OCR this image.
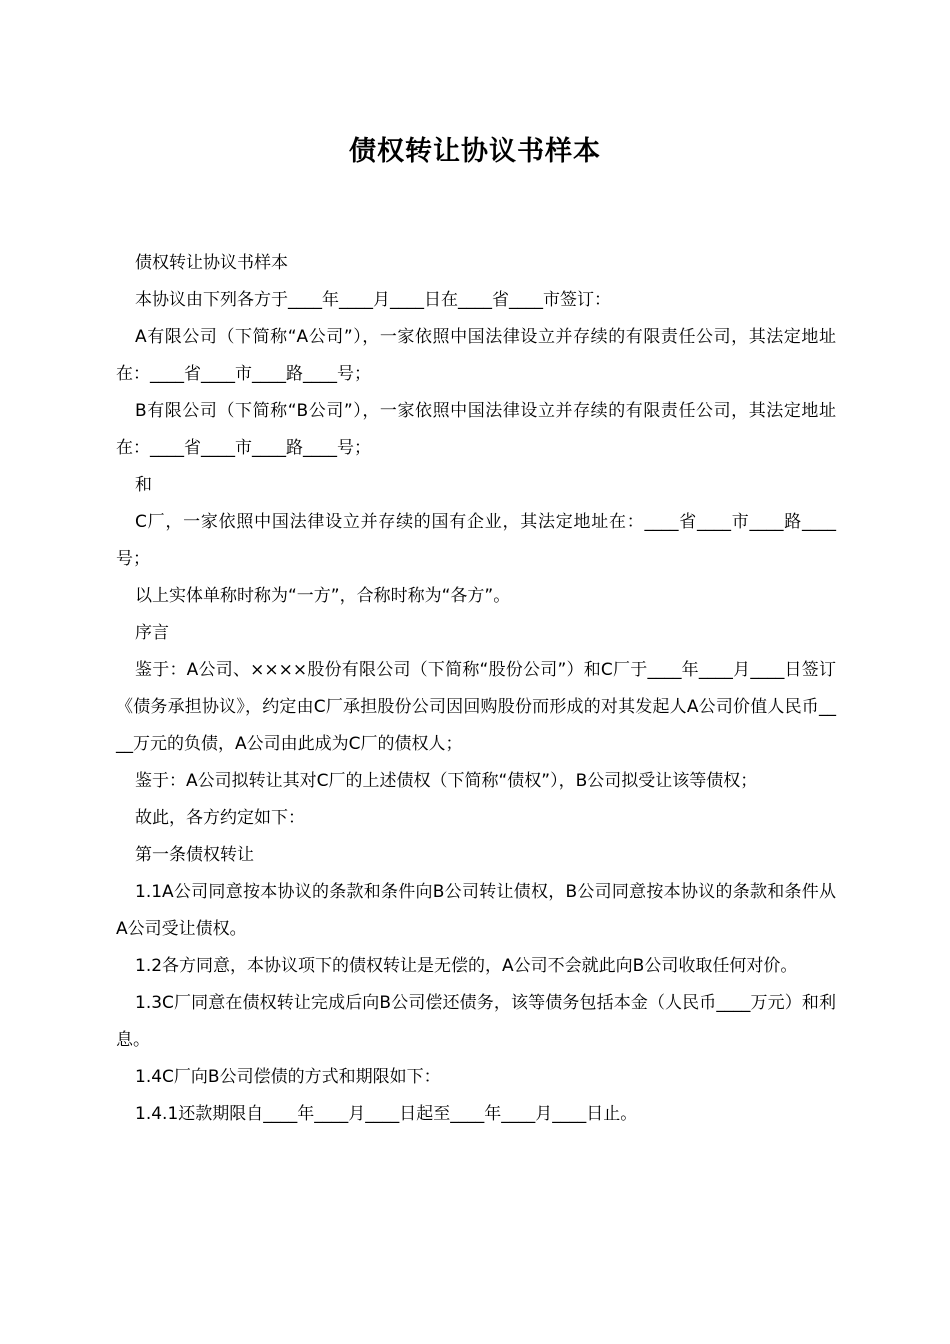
债权转让协议书样本

债权转让协议书样本

本协议由下列各方于____年____月____日在____省____市签订：

A有限公司（下简称“A公司”），一家依照中国法律设立并存续的有限责任公司，其法定地址在：____省____市____路____号；

B有限公司（下简称“B公司”），一家依照中国法律设立并存续的有限责任公司，其法定地址在：____省____市____路____号；

和

C厂，一家依照中国法律设立并存续的国有企业，其法定地址在：____省____市____路____号；

以上实体单称时称为“一方”，合称时称为“各方”。

序言

鉴于：A公司、××××股份有限公司（下简称“股份公司”）和C厂于____年____月____日签订《债务承担协议》，约定由C厂承担股份公司因回购股份而形成的对其发起人A公司价值人民币____万元的负债，A公司由此成为C厂的债权人；

鉴于：A公司拟转让其对C厂的上述债权（下简称“债权”），B公司拟受让该等债权；

故此，各方约定如下：

第一条债权转让

1.1A公司同意按本协议的条款和条件向B公司转让债权，B公司同意按本协议的条款和条件从A公司受让债权。

1.2各方同意，本协议项下的债权转让是无偿的，A公司不会就此向B公司收取任何对价。

1.3C厂同意在债权转让完成后向B公司偿还债务，该等债务包括本金（人民币____万元）和利息。

1.4C厂向B公司偿债的方式和期限如下：

1.4.1还款期限自____年____月____日起至____年____月____日止。
